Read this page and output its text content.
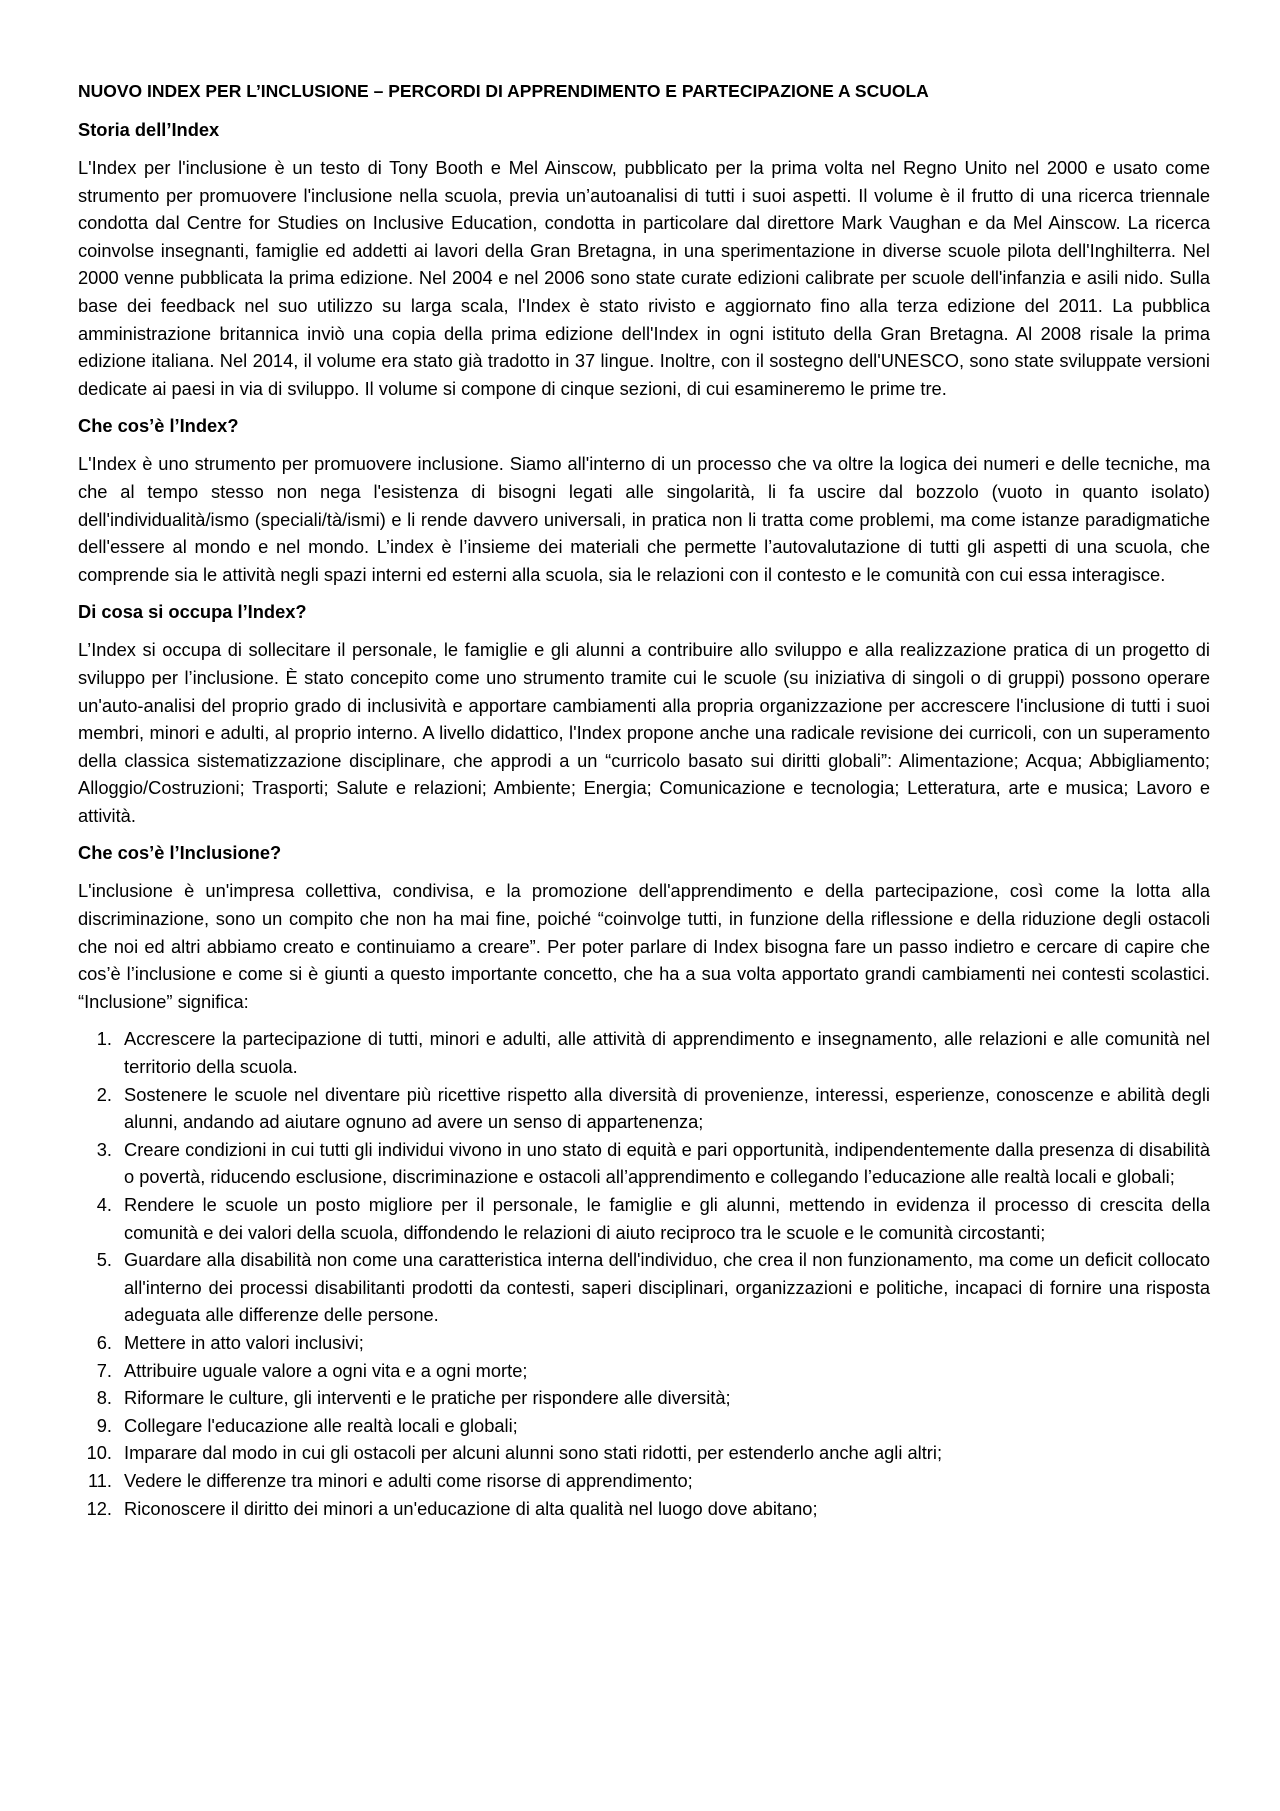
NUOVO INDEX PER L’INCLUSIONE – PERCORDI DI APPRENDIMENTO E PARTECIPAZIONE A SCUOLA
Storia dell’Index

L'Index per l'inclusione è un testo di Tony Booth e Mel Ainscow, pubblicato per la prima volta nel Regno Unito nel 2000 e usato come strumento per promuovere l'inclusione nella scuola, previa un’autoanalisi di tutti i suoi aspetti. Il volume è il frutto di una ricerca triennale condotta dal Centre for Studies on Inclusive Education, condotta in particolare dal direttore Mark Vaughan e da Mel Ainscow. La ricerca coinvolse insegnanti, famiglie ed addetti ai lavori della Gran Bretagna, in una sperimentazione in diverse scuole pilota dell'Inghilterra. Nel 2000 venne pubblicata la prima edizione. Nel 2004 e nel 2006 sono state curate edizioni calibrate per scuole dell'infanzia e asili nido. Sulla base dei feedback nel suo utilizzo su larga scala, l'Index è stato rivisto e aggiornato fino alla terza edizione del 2011. La pubblica amministrazione britannica inviò una copia della prima edizione dell'Index in ogni istituto della Gran Bretagna. Al 2008 risale la prima edizione italiana. Nel 2014, il volume era stato già tradotto in 37 lingue. Inoltre, con il sostegno dell'UNESCO, sono state sviluppate versioni dedicate ai paesi in via di sviluppo. Il volume si compone di cinque sezioni, di cui esamineremo le prime tre.

Che cos’è l’Index?

L'Index è uno strumento per promuovere inclusione. Siamo all'interno di un processo che va oltre la logica dei numeri e delle tecniche, ma che al tempo stesso non nega l'esistenza di bisogni legati alle singolarità, li fa uscire dal bozzolo (vuoto in quanto isolato) dell'individualità/ismo (speciali/tà/ismi) e li rende davvero universali, in pratica non li tratta come problemi, ma come istanze paradigmatiche dell'essere al mondo e nel mondo. L’index è l’insieme dei materiali che permette l’autovalutazione di tutti gli aspetti di una scuola, che comprende sia le attività negli spazi interni ed esterni alla scuola, sia le relazioni con il contesto e le comunità con cui essa interagisce.

Di cosa si occupa l’Index?

L’Index si occupa di sollecitare il personale, le famiglie e gli alunni a contribuire allo sviluppo e alla realizzazione pratica di un progetto di sviluppo per l’inclusione. È stato concepito come uno strumento tramite cui le scuole (su iniziativa di singoli o di gruppi) possono operare un'auto-analisi del proprio grado di inclusività e apportare cambiamenti alla propria organizzazione per accrescere l'inclusione di tutti i suoi membri, minori e adulti, al proprio interno. A livello didattico, l'Index propone anche una radicale revisione dei curricoli, con un superamento della classica sistematizzazione disciplinare, che approdi a un “curricolo basato sui diritti globali”: Alimentazione; Acqua; Abbigliamento; Alloggio/Costruzioni; Trasporti; Salute e relazioni; Ambiente; Energia; Comunicazione e tecnologia; Letteratura, arte e musica; Lavoro e attività.

Che cos’è l’Inclusione?

L'inclusione è un'impresa collettiva, condivisa, e la promozione dell'apprendimento e della partecipazione, così come la lotta alla discriminazione, sono un compito che non ha mai fine, poiché “coinvolge tutti, in funzione della riflessione e della riduzione degli ostacoli che noi ed altri abbiamo creato e continuiamo a creare”. Per poter parlare di Index bisogna fare un passo indietro e cercare di capire che cos’è l’inclusione e come si è giunti a questo importante concetto, che ha a sua volta apportato grandi cambiamenti nei contesti scolastici. “Inclusione” significa:

1. Accrescere la partecipazione di tutti, minori e adulti, alle attività di apprendimento e insegnamento, alle relazioni e alle comunità nel territorio della scuola.
2. Sostenere le scuole nel diventare più ricettive rispetto alla diversità di provenienze, interessi, esperienze, conoscenze e abilità degli alunni, andando ad aiutare ognuno ad avere un senso di appartenenza;
3. Creare condizioni in cui tutti gli individui vivono in uno stato di equità e pari opportunità, indipendentemente dalla presenza di disabilità o povertà, riducendo esclusione, discriminazione e ostacoli all’apprendimento e collegando l’educazione alle realtà locali e globali;
4. Rendere le scuole un posto migliore per il personale, le famiglie e gli alunni, mettendo in evidenza il processo di crescita della comunità e dei valori della scuola, diffondendo le relazioni di aiuto reciproco tra le scuole e le comunità circostanti;
5. Guardare alla disabilità non come una caratteristica interna dell'individuo, che crea il non funzionamento, ma come un deficit collocato all'interno dei processi disabilitanti prodotti da contesti, saperi disciplinari, organizzazioni e politiche, incapaci di fornire una risposta adeguata alle differenze delle persone.
6. Mettere in atto valori inclusivi;
7. Attribuire uguale valore a ogni vita e a ogni morte;
8. Riformare le culture, gli interventi e le pratiche per rispondere alle diversità;
9. Collegare l'educazione alle realtà locali e globali;
10. Imparare dal modo in cui gli ostacoli per alcuni alunni sono stati ridotti, per estenderlo anche agli altri;
11. Vedere le differenze tra minori e adulti come risorse di apprendimento;
12. Riconoscere il diritto dei minori a un'educazione di alta qualità nel luogo dove abitano;
